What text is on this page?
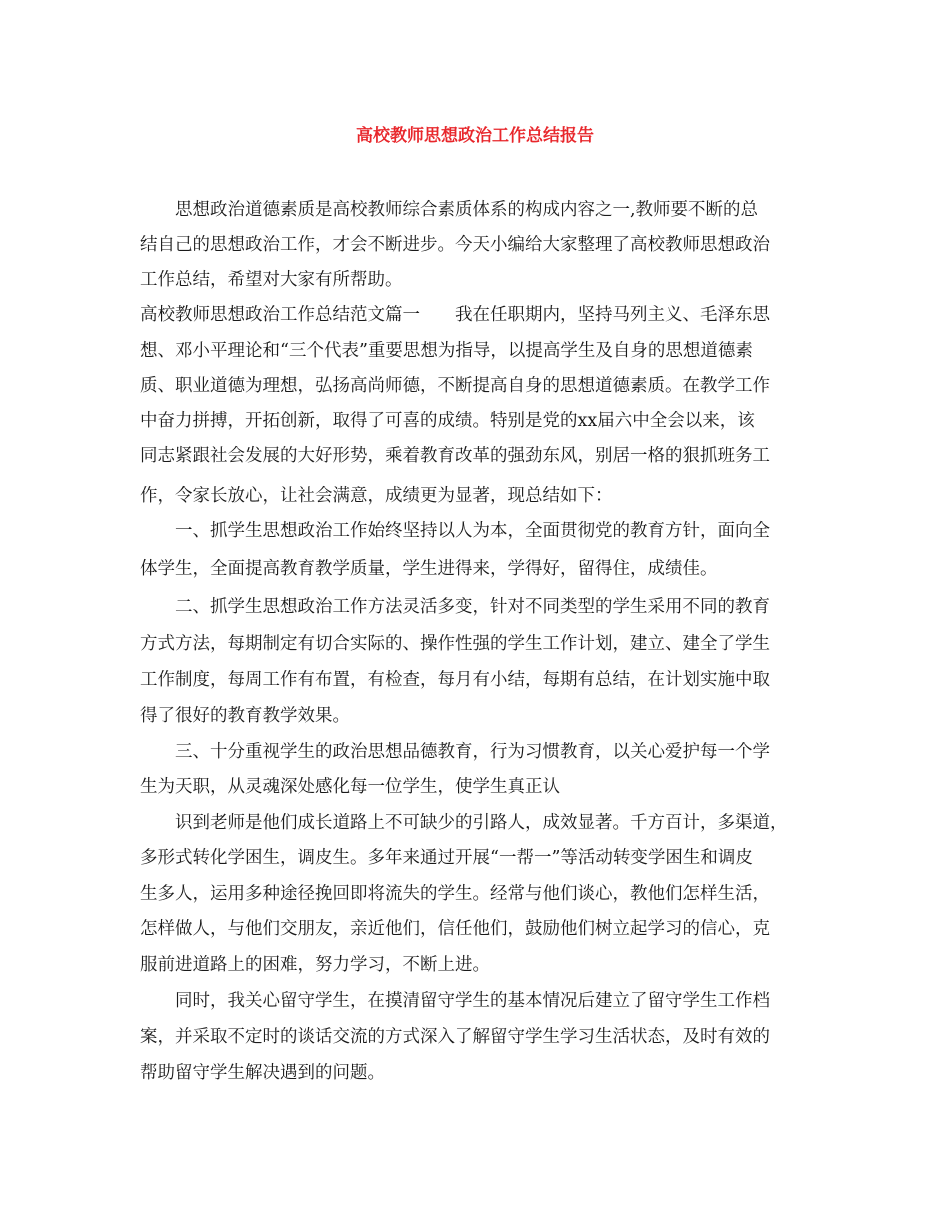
高校教师思想政治工作总结报告

思想政治道德素质是高校教师综合素质体系的构成内容之一,教师要不断的总

结自己的思想政治工作，才会不断进步。今天小编给大家整理了高校教师思想政治

工作总结，希望对大家有所帮助。

高校教师思想政治工作总结范文篇一　　我在任职期内，坚持马列主义、毛泽东思

想、邓小平理论和“三个代表”重要思想为指导，以提高学生及自身的思想道德素

质、职业道德为理想，弘扬高尚师德，不断提高自身的思想道德素质。在教学工作

中奋力拼搏，开拓创新，取得了可喜的成绩。特别是党的xx届六中全会以来，该

同志紧跟社会发展的大好形势，乘着教育改革的强劲东风，别居一格的狠抓班务工

作，令家长放心，让社会满意，成绩更为显著，现总结如下：

一、抓学生思想政治工作始终坚持以人为本，全面贯彻党的教育方针，面向全

体学生，全面提高教育教学质量，学生进得来，学得好，留得住，成绩佳。

二、抓学生思想政治工作方法灵活多变，针对不同类型的学生采用不同的教育

方式方法，每期制定有切合实际的、操作性强的学生工作计划，建立、建全了学生

工作制度，每周工作有布置，有检查，每月有小结，每期有总结，在计划实施中取

得了很好的教育教学效果。

三、十分重视学生的政治思想品德教育，行为习惯教育，以关心爱护每一个学

生为天职，从灵魂深处感化每一位学生，使学生真正认

识到老师是他们成长道路上不可缺少的引路人，成效显著。千方百计，多渠道，

多形式转化学困生，调皮生。多年来通过开展“一帮一”等活动转变学困生和调皮

生多人，运用多种途径挽回即将流失的学生。经常与他们谈心，教他们怎样生活，

怎样做人，与他们交朋友，亲近他们，信任他们，鼓励他们树立起学习的信心，克

服前进道路上的困难，努力学习，不断上进。

同时，我关心留守学生，在摸清留守学生的基本情况后建立了留守学生工作档

案，并采取不定时的谈话交流的方式深入了解留守学生学习生活状态，及时有效的

帮助留守学生解决遇到的问题。
